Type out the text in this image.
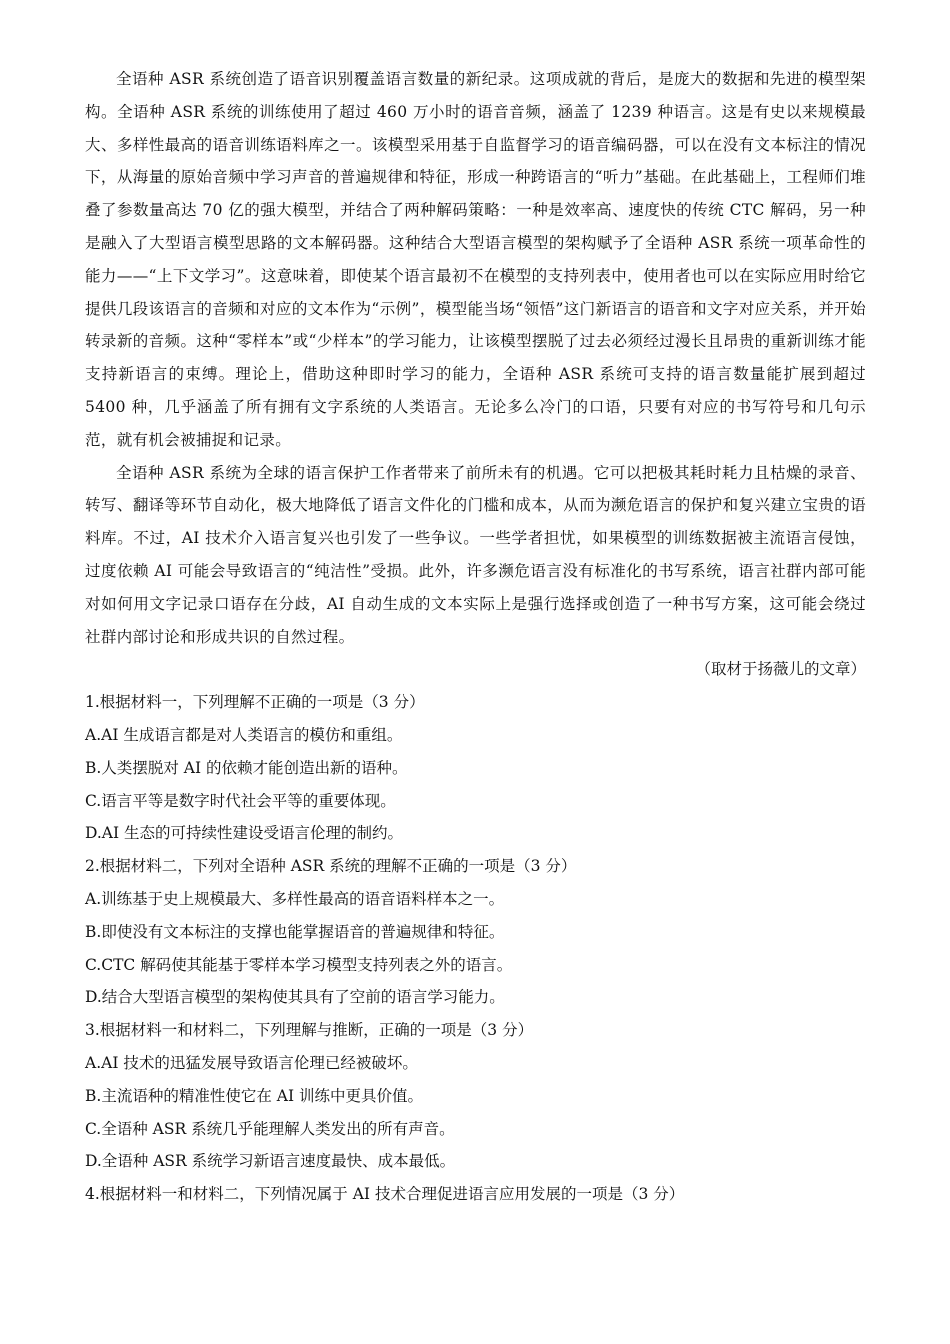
全语种 ASR 系统创造了语音识别覆盖语言数量的新纪录。这项成就的背后，是庞大的数据和先进的模型架构。全语种 ASR 系统的训练使用了超过 460 万小时的语音音频，涵盖了 1239 种语言。这是有史以来规模最大、多样性最高的语音训练语料库之一。该模型采用基于自监督学习的语音编码器，可以在没有文本标注的情况下，从海量的原始音频中学习声音的普遍规律和特征，形成一种跨语言的“听力”基础。在此基础上，工程师们堆叠了参数量高达 70 亿的强大模型，并结合了两种解码策略：一种是效率高、速度快的传统 CTC 解码，另一种是融入了大型语言模型思路的文本解码器。这种结合大型语言模型的架构赋予了全语种 ASR 系统一项革命性的能力——“上下文学习”。这意味着，即使某个语言最初不在模型的支持列表中，使用者也可以在实际应用时给它提供几段该语言的音频和对应的文本作为“示例”，模型能当场“领悟”这门新语言的语音和文字对应关系，并开始转录新的音频。这种“零样本”或“少样本”的学习能力，让该模型摆脱了过去必须经过漫长且昂贵的重新训练才能支持新语言的束缚。理论上，借助这种即时学习的能力，全语种 ASR 系统可支持的语言数量能扩展到超过 5400 种，几乎涵盖了所有拥有文字系统的人类语言。无论多么冷门的口语，只要有对应的书写符号和几句示范，就有机会被捕捉和记录。

全语种 ASR 系统为全球的语言保护工作者带来了前所未有的机遇。它可以把极其耗时耗力且枯燥的录音、转写、翻译等环节自动化，极大地降低了语言文件化的门槛和成本，从而为濒危语言的保护和复兴建立宝贵的语料库。不过，AI 技术介入语言复兴也引发了一些争议。一些学者担忧，如果模型的训练数据被主流语言侵蚀，过度依赖 AI 可能会导致语言的“纯洁性”受损。此外，许多濒危语言没有标准化的书写系统，语言社群内部可能对如何用文字记录口语存在分歧，AI 自动生成的文本实际上是强行选择或创造了一种书写方案，这可能会绕过社群内部讨论和形成共识的自然过程。

（取材于扬薇儿的文章）

1.根据材料一，下列理解不正确的一项是（3 分）

A.AI 生成语言都是对人类语言的模仿和重组。

B.人类摆脱对 AI 的依赖才能创造出新的语种。

C.语言平等是数字时代社会平等的重要体现。

D.AI 生态的可持续性建设受语言伦理的制约。

2.根据材料二，下列对全语种 ASR 系统的理解不正确的一项是（3 分）

A.训练基于史上规模最大、多样性最高的语音语料样本之一。

B.即使没有文本标注的支撑也能掌握语音的普遍规律和特征。

C.CTC 解码使其能基于零样本学习模型支持列表之外的语言。

D.结合大型语言模型的架构使其具有了空前的语言学习能力。

3.根据材料一和材料二，下列理解与推断，正确的一项是（3 分）

A.AI 技术的迅猛发展导致语言伦理已经被破坏。

B.主流语种的精准性使它在 AI 训练中更具价值。

C.全语种 ASR 系统几乎能理解人类发出的所有声音。

D.全语种 ASR 系统学习新语言速度最快、成本最低。

4.根据材料一和材料二，下列情况属于 AI 技术合理促进语言应用发展的一项是（3 分）
